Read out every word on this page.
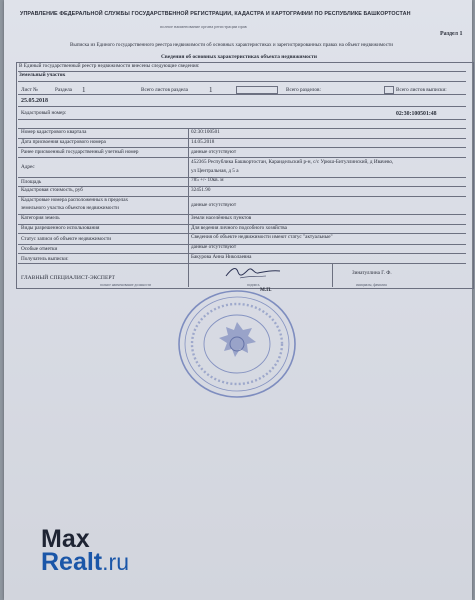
УПРАВЛЕНИЕ ФЕДЕРАЛЬНОЙ СЛУЖБЫ ГОСУДАРСТВЕННОЙ РЕГИСТРАЦИИ, КАДАСТРА И КАРТОГРАФИИ ПО РЕСПУБЛИКЕ БАШКОРТОСТАН
полное наименование органа регистрации прав
Раздел 1
Выписка из Единого государственного реестра недвижимости об основных характеристиках и зарегистрированных правах на объект недвижимости
Сведения об основных характеристиках объекта недвижимости
В Единый государственный реестр недвижимости внесены следующие сведения:
Земельный участок
Лист №	Раздела 1	Всего листов раздела	1	Всего разделов:	Всего листов выписки:
25.05.2018
Кадастровый номер:	02:30:100501:48
Номер кадастрового квартала	02:30:100501
Дата присвоения кадастрового номера	14.05.2018
Ранее присвоенный государственный учетный номер	данные отсутствуют
Адрес
452365 Республика Башкортостан, Караидельский р-н, с/с Урюш-Битуллинский, д Ивачево,
ул Центральная, д 5 а
Площадь	785 +/- 10кв. м
Кадастровая стоимость, руб	32451.90
Кадастровые номера расположенных в пределах
земельного участка объектов недвижимости	данные отсутствуют
Категория земель	Земли населённых пунктов
Виды разрешенного использования	Для ведения личного подсобного хозяйства
Статус записи об объекте недвижимости	Сведения об объекте недвижимости имеют статус "актуальные"
Особые отметки	данные отсутствуют
Получатель выписки:	Бакурова Анна Николаевна
ГЛАВНЫЙ СПЕЦИАЛИСТ-ЭКСПЕРТ
полное наименование должности	подпись
Зинатуллина Г. Ф.
инициалы, фамилия
М.П.
Max
Realt.ru
